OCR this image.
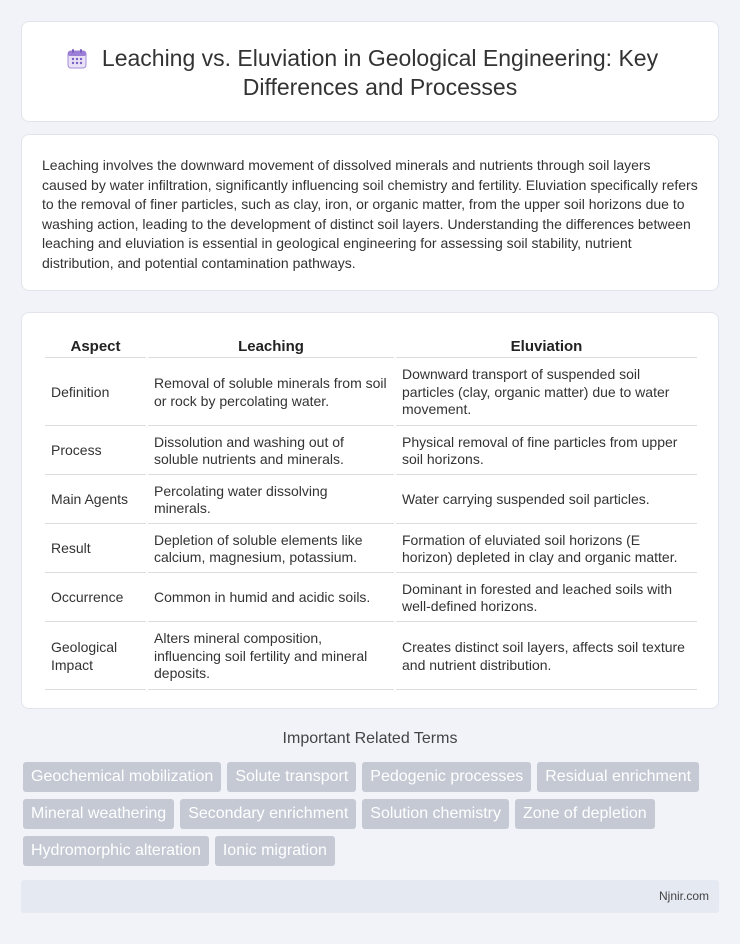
Leaching vs. Eluviation in Geological Engineering: Key Differences and Processes

Leaching involves the downward movement of dissolved minerals and nutrients through soil layers caused by water infiltration, significantly influencing soil chemistry and fertility. Eluviation specifically refers to the removal of finer particles, such as clay, iron, or organic matter, from the upper soil horizons due to washing action, leading to the development of distinct soil layers. Understanding the differences between leaching and eluviation is essential in geological engineering for assessing soil stability, nutrient distribution, and potential contamination pathways.

Aspect	Leaching	Eluviation
Definition	Removal of soluble minerals from soil or rock by percolating water.	Downward transport of suspended soil particles (clay, organic matter) due to water movement.
Process	Dissolution and washing out of soluble nutrients and minerals.	Physical removal of fine particles from upper soil horizons.
Main Agents	Percolating water dissolving minerals.	Water carrying suspended soil particles.
Result	Depletion of soluble elements like calcium, magnesium, potassium.	Formation of eluviated soil horizons (E horizon) depleted in clay and organic matter.
Occurrence	Common in humid and acidic soils.	Dominant in forested and leached soils with well-defined horizons.
Geological Impact	Alters mineral composition, influencing soil fertility and mineral deposits.	Creates distinct soil layers, affects soil texture and nutrient distribution.
Important Related Terms
Geochemical mobilization	Solute transport	Pedogenic processes	Residual enrichment
Mineral weathering	Secondary enrichment	Solution chemistry	Zone of depletion
Hydromorphic alteration	Ionic migration
Njnir.com
